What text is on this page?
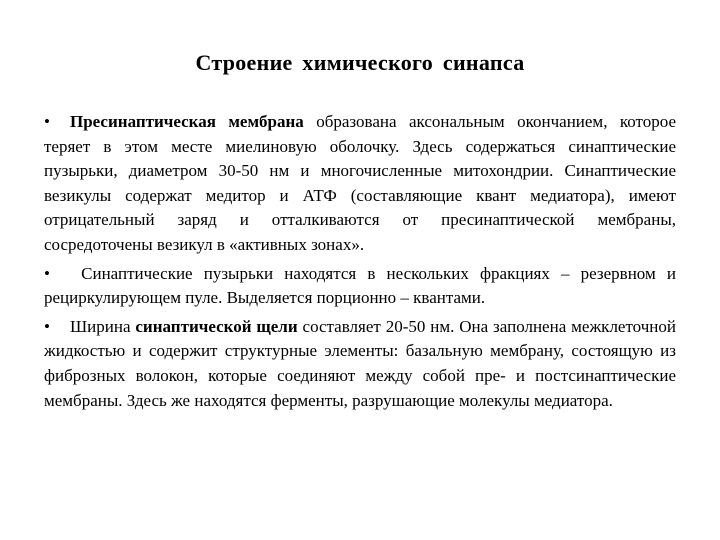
Строение химического синапса

• Пресинаптическая мембрана образована аксональным окончанием, которое теряет в этом месте миелиновую оболочку. Здесь содержаться синаптические пузырьки, диаметром 30-50 нм и многочисленные митохондрии. Синаптические везикулы содержат медитор и АТФ (составляющие квант медиатора), имеют отрицательный заряд и отталкиваются от пресинаптической мембраны, сосредоточены везикул в «активных зонах».

• Синаптические пузырьки находятся в нескольких фракциях – резервном и рециркулирующем пуле. Выделяется порционно – квантами.

• Ширина синаптической щели составляет 20-50 нм. Она заполнена межклеточной жидкостью и содержит структурные элементы: базальную мембрану, состоящую из фиброзных волокон, которые соединяют между собой пре- и постсинаптические мембраны. Здесь же находятся ферменты, разрушающие молекулы медиатора.
